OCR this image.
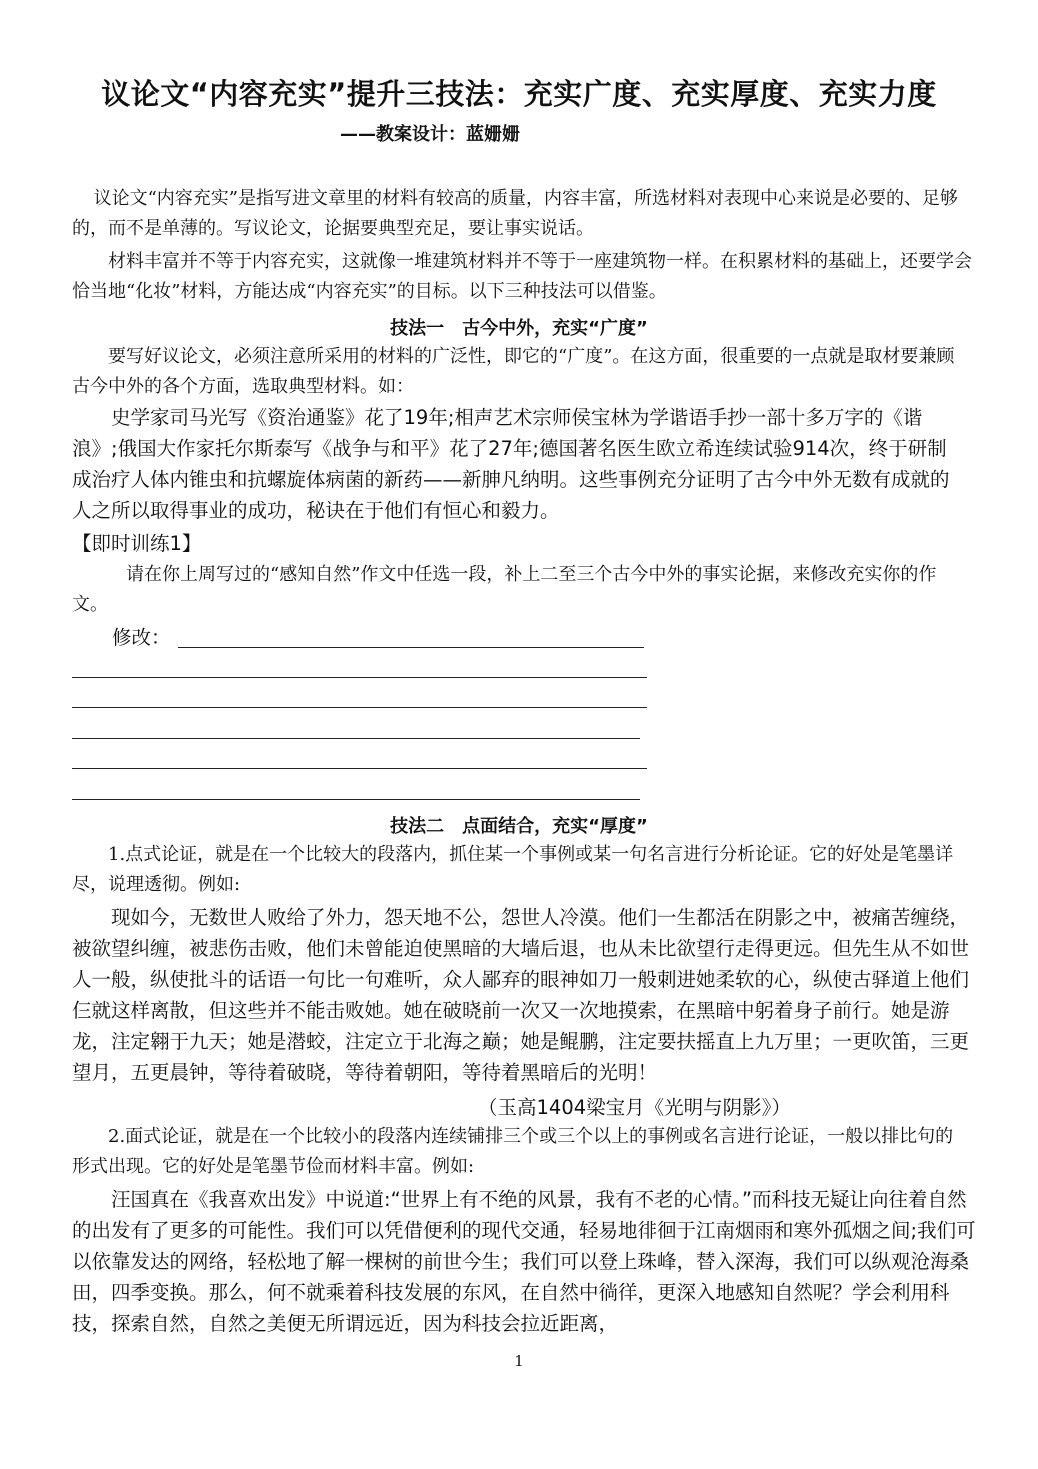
议论文“内容充实”提升三技法：充实广度、充实厚度、充实力度
——教案设计：蓝姗姗
议论文“内容充实”是指写进文章里的材料有较高的质量，内容丰富，所选材料对表现中心来说是必要的、足够的，而不是单薄的。写议论文，论据要典型充足，要让事实说话。
材料丰富并不等于内容充实，这就像一堆建筑材料并不等于一座建筑物一样。在积累材料的基础上，还要学会恰当地“化妆”材料，方能达成“内容充实”的目标。以下三种技法可以借鉴。
技法一　古今中外，充实“广度”
要写好议论文，必须注意所采用的材料的广泛性，即它的“广度”。在这方面，很重要的一点就是取材要兼顾古今中外的各个方面，选取典型材料。如：
史学家司马光写《资治通鉴》花了19年;相声艺术宗师侯宝林为学谐语手抄一部十多万字的《谐浪》;俄国大作家托尔斯泰写《战争与和平》花了27年;德国著名医生欧立希连续试验914次，终于研制成治疗人体内锥虫和抗螺旋体病菌的新药——新胂凡纳明。这些事例充分证明了古今中外无数有成就的人之所以取得事业的成功，秘诀在于他们有恒心和毅力。
【即时训练1】
请在你上周写过的“感知自然”作文中任选一段，补上二至三个古今中外的事实论据，来修改充实你的作文。
修改：
技法二　点面结合，充实“厚度”
1.点式论证，就是在一个比较大的段落内，抓住某一个事例或某一句名言进行分析论证。它的好处是笔墨详尽，说理透彻。例如:
现如今，无数世人败给了外力，怨天地不公，怨世人冷漠。他们一生都活在阴影之中，被痛苦缠绕，被欲望纠缠，被悲伤击败，他们未曾能迫使黑暗的大墙后退，也从未比欲望行走得更远。但先生从不如世人一般，纵使批斗的话语一句比一句难听，众人鄙弃的眼神如刀一般刺进她柔软的心，纵使古驿道上他们仨就这样离散，但这些并不能击败她。她在破晓前一次又一次地摸索，在黑暗中躬着身子前行。她是游龙，注定翱于九天；她是潜蛟，注定立于北海之巅；她是鲲鹏，注定要扶摇直上九万里；一更吹笛，三更望月，五更晨钟，等待着破晓，等待着朝阳，等待着黑暗后的光明！
（玉高1404梁宝月《光明与阴影》）
2.面式论证，就是在一个比较小的段落内连续铺排三个或三个以上的事例或名言进行论证，一般以排比句的形式出现。它的好处是笔墨节俭而材料丰富。例如:
汪国真在《我喜欢出发》中说道:“世界上有不绝的风景，我有不老的心情。”而科技无疑让向往着自然的出发有了更多的可能性。我们可以凭借便利的现代交通，轻易地徘徊于江南烟雨和寒外孤烟之间;我们可以依靠发达的网络，轻松地了解一棵树的前世今生；我们可以登上珠峰，替入深海，我们可以纵观沧海桑田，四季变换。那么，何不就乘着科技发展的东风，在自然中徜徉，更深入地感知自然呢？学会利用科技，探索自然，自然之美便无所谓远近，因为科技会拉近距离，
1
